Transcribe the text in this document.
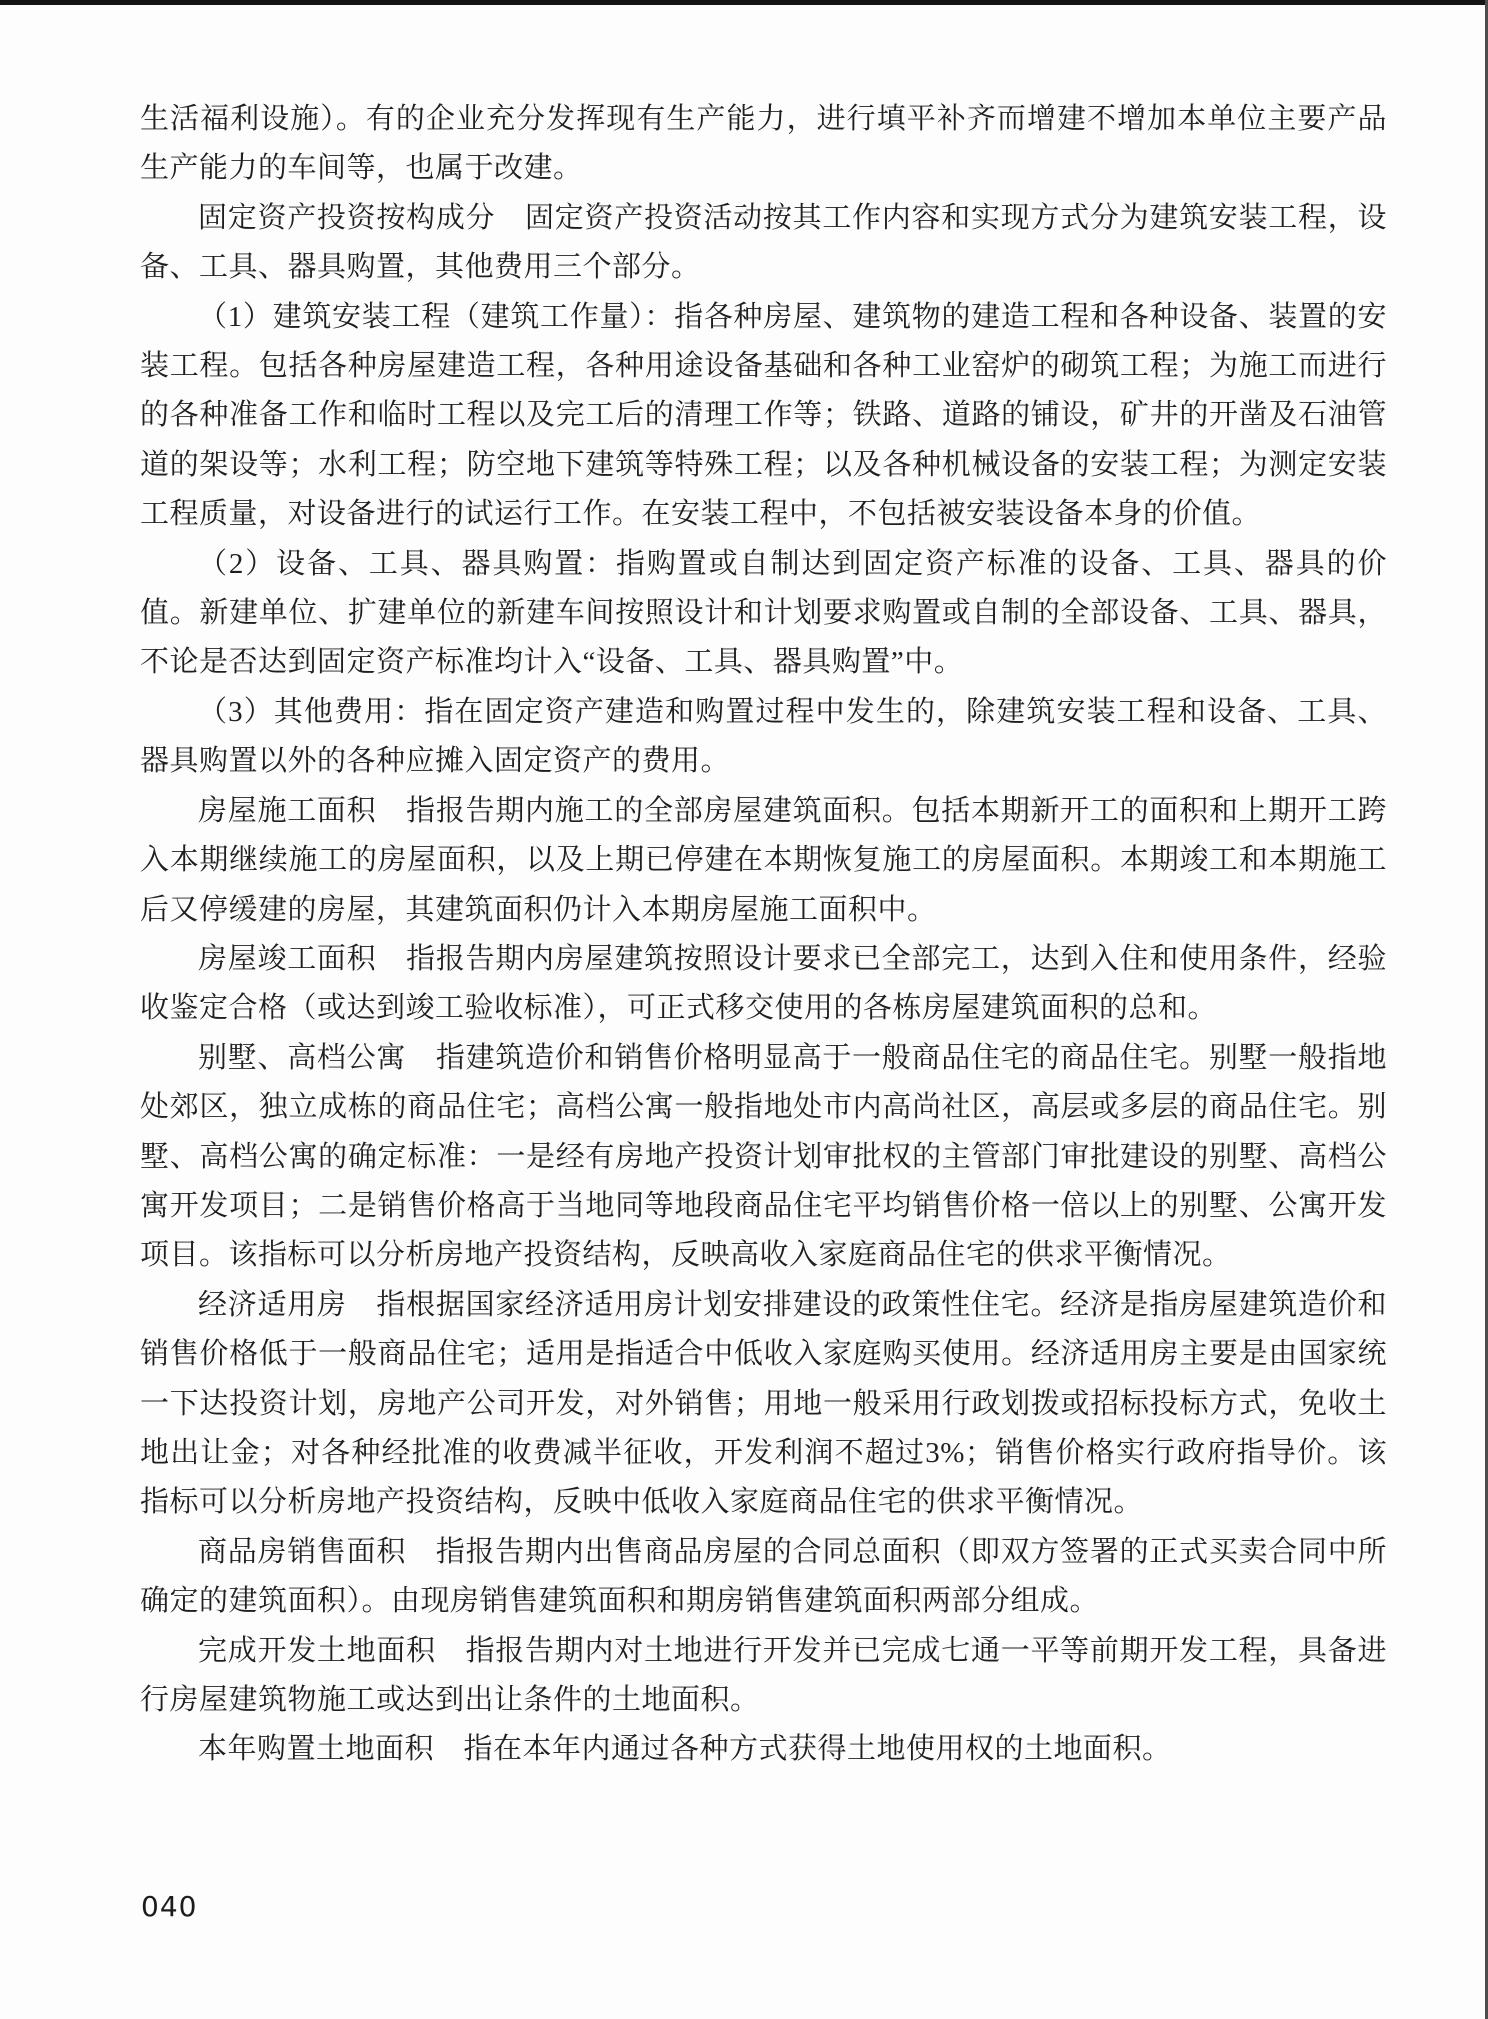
生活福利设施）。有的企业充分发挥现有生产能力，进行填平补齐而增建不增加本单位主要产品生产能力的车间等，也属于改建。

固定资产投资按构成分　 固定资产投资活动按其工作内容和实现方式分为建筑安装工程，设备、工具、器具购置，其他费用三个部分。

（1）建筑安装工程（建筑工作量）：指各种房屋、建筑物的建造工程和各种设备、装置的安装工程。包括各种房屋建造工程，各种用途设备基础和各种工业窑炉的砌筑工程；为施工而进行的各种准备工作和临时工程以及完工后的清理工作等；铁路、道路的铺设，矿井的开凿及石油管道的架设等；水利工程；防空地下建筑等特殊工程；以及各种机械设备的安装工程；为测定安装工程质量，对设备进行的试运行工作。在安装工程中，不包括被安装设备本身的价值。

（2）设备、工具、器具购置：指购置或自制达到固定资产标准的设备、工具、器具的价值。新建单位、扩建单位的新建车间按照设计和计划要求购置或自制的全部设备、工具、器具，不论是否达到固定资产标准均计入“设备、工具、器具购置”中。

（3）其他费用：指在固定资产建造和购置过程中发生的，除建筑安装工程和设备、工具、器具购置以外的各种应摊入固定资产的费用。

房屋施工面积　 指报告期内施工的全部房屋建筑面积。包括本期新开工的面积和上期开工跨入本期继续施工的房屋面积，以及上期已停建在本期恢复施工的房屋面积。本期竣工和本期施工后又停缓建的房屋，其建筑面积仍计入本期房屋施工面积中。

房屋竣工面积　 指报告期内房屋建筑按照设计要求已全部完工，达到入住和使用条件，经验收鉴定合格（或达到竣工验收标准），可正式移交使用的各栋房屋建筑面积的总和。

别墅、高档公寓　 指建筑造价和销售价格明显高于一般商品住宅的商品住宅。别墅一般指地处郊区，独立成栋的商品住宅；高档公寓一般指地处市内高尚社区，高层或多层的商品住宅。别墅、高档公寓的确定标准：一是经有房地产投资计划审批权的主管部门审批建设的别墅、高档公寓开发项目；二是销售价格高于当地同等地段商品住宅平均销售价格一倍以上的别墅、公寓开发项目。该指标可以分析房地产投资结构，反映高收入家庭商品住宅的供求平衡情况。

经济适用房　 指根据国家经济适用房计划安排建设的政策性住宅。经济是指房屋建筑造价和销售价格低于一般商品住宅；适用是指适合中低收入家庭购买使用。经济适用房主要是由国家统一下达投资计划，房地产公司开发，对外销售；用地一般采用行政划拨或招标投标方式，免收土地出让金；对各种经批准的收费减半征收，开发利润不超过3%；销售价格实行政府指导价。该指标可以分析房地产投资结构，反映中低收入家庭商品住宅的供求平衡情况。

商品房销售面积　 指报告期内出售商品房屋的合同总面积（即双方签署的正式买卖合同中所确定的建筑面积）。由现房销售建筑面积和期房销售建筑面积两部分组成。

完成开发土地面积　 指报告期内对土地进行开发并已完成七通一平等前期开发工程，具备进行房屋建筑物施工或达到出让条件的土地面积。

本年购置土地面积　 指在本年内通过各种方式获得土地使用权的土地面积。

040
